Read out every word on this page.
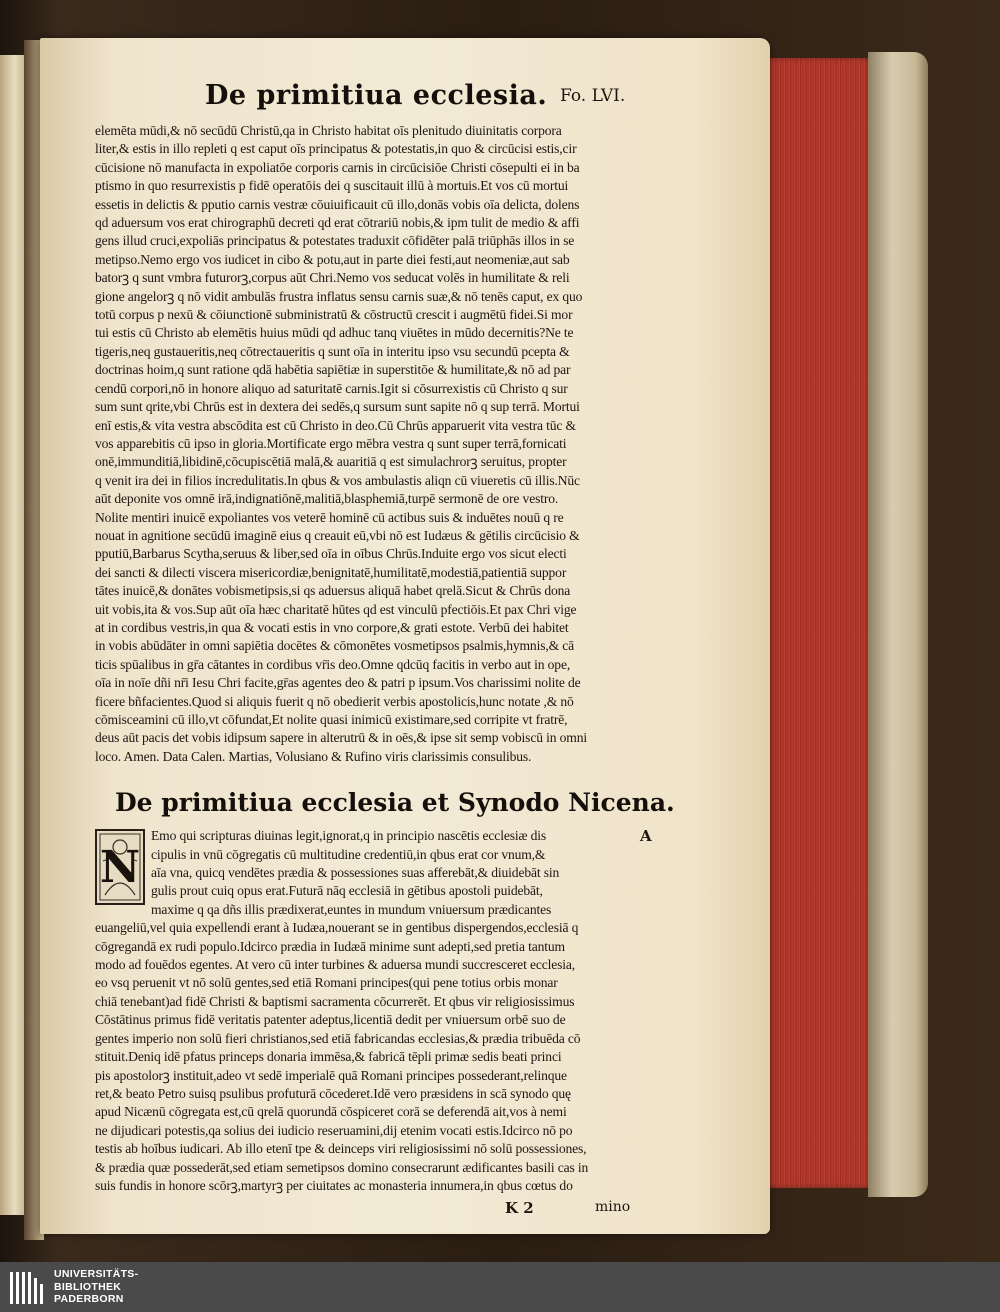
De primitiua ecclesia. Fo. LVI.

elemēta mūdi,& nō secūdū Christū,qa in Christo habitat oīs plenitudo diuinitatis corpora
liter,& estis in illo repleti q est caput oīs principatus & potestatis,in quo & circūcisi estis,cir
cūcisione nō manufacta in expoliatōe corporis carnis in circūcisiōe Christi cōsepulti ei in ba
ptismo in quo resurrexistis p fidē operatōis dei q suscitauit illū à mortuis.Et vos cū mortui
essetis in delictis & pputio carnis vestræ cōuiuificauit cū illo,donās vobis oīa delicta, dolens
qd aduersum vos erat chirographū decreti qd erat cōtrariū nobis,& ipm tulit de medio & affi
gens illud cruci,expoliās principatus & potestates traduxit cōfidēter palā triūphās illos in se
metipso.Nemo ergo vos iudicet in cibo & potu,aut in parte diei festi,aut neomeniæ,aut sab
batorꝫ q sunt vmbra futurorꝫ,corpus aūt Chri.Nemo vos seducat volēs in humilitate & reli
gione angelorꝫ q nō vidit ambulās frustra inflatus sensu carnis suæ,& nō tenēs caput, ex quo
totū corpus p nexū & cōiunctionē subministratū & cōstructū crescit i augmētū fidei.Si mor
tui estis cū Christo ab elemētis huius mūdi qd adhuc tanq viuētes in mūdo decernitis?Ne te
tigeris,neq gustaueritis,neq cōtrectaueritis q sunt oīa in interitu ipso vsu secundū pcepta &
doctrinas hoim,q sunt ratione qdā habētia sapiētiæ in superstitōe & humilitate,& nō ad par
cendū corpori,nō in honore aliquo ad saturitatē carnis.Igit si cōsurrexistis cū Christo q sur
sum sunt qrite,vbi Chrūs est in dextera dei sedēs,q sursum sunt sapite nō q sup terrā. Mortui
enī estis,& vita vestra abscōdita est cū Christo in deo.Cū Chrūs apparuerit vita vestra tūc &
vos apparebitis cū ipso in gloria.Mortificate ergo mēbra vestra q sunt super terrā,fornicati
onē,immunditiā,libidinē,cōcupiscētiā malā,& auaritiā q est simulachrorꝫ seruitus, propter
q venit ira dei in filios incredulitatis.In qbus & vos ambulastis aliqn cū viueretis cū illis.Nūc
aūt deponite vos omnē irā,indignatiōnē,malitiā,blasphemiā,turpē sermonē de ore vestro.
Nolite mentiri inuicē expoliantes vos veterē hominē cū actibus suis & induētes nouū q re
nouat in agnitione secūdū imaginē eius q creauit eū,vbi nō est Iudæus & gētilis circūcisio &
pputiū,Barbarus Scytha,seruus & liber,sed oīa in oībus Chrūs.Induite ergo vos sicut electi
dei sancti & dilecti viscera misericordiæ,benignitatē,humilitatē,modestiā,patientiā suppor
tātes inuicē,& donātes vobismetipsis,si qs aduersus aliquā habet qrelā.Sicut & Chrūs dona
uit vobis,ita & vos.Sup aūt oīa hæc charitatē hūtes qd est vinculū pfectiōis.Et pax Chri vige
at in cordibus vestris,in qua & vocati estis in vno corpore,& grati estote. Verbū dei habitet
in vobis abūdāter in omni sapiētia docētes & cōmonētes vosmetipsos psalmis,hymnis,& cā
ticis spūalibus in gr̄a cātantes in cordibus vr̄is deo.Omne qdcūq facitis in verbo aut in ope,
οīa in noīe dñi nr̄i Iesu Chri facite,gr̄as agentes deo & patri p ipsum.Vos charissimi nolite de
ficere bñfacientes.Quod si aliquis fuerit q nō obedierit verbis apostolicis,hunc notate ,& nō
cōmisceamini cū illo,vt cōfundat,Et nolite quasi inimicū existimare,sed corripite vt fratrē,
deus aūt pacis det vobis idipsum sapere in alterutrū & in oēs,& ipse sit semp vobiscū in omni
loco. Amen. Data Calen. Martias, Volusiano & Rufino viris clarissimis consulibus.

De primitiua ecclesia et Synodo Nicena.
N
A

Emo qui scripturas diuinas legit,ignorat,q in principio nascētis ecclesiæ dis
cipulis in vnū cōgregatis cū multitudine credentiū,in qbus erat cor vnum,&
aīa vna, quicq vendētes prædia & possessiones suas afferebāt,& diuidebāt sin
gulis prout cuiq opus erat.Futurā nāq ecclesiā in gētibus apostoli puidebāt,
maxime q qa dñs illis prædixerat,euntes in mundum vniuersum prædicantes
euangeliū,vel quia expellendi erant à Iudæa,nouerant se in gentibus dispergendos,ecclesiā q
cōgregandā ex rudi populo.Idcirco prædia in Iudæā minime sunt adepti,sed pretia tantum
modo ad fouēdos egentes. At vero cū inter turbines & aduersa mundi succresceret ecclesia,
eo vsq peruenit vt nō solū gentes,sed etiā Romani principes(qui pene totius orbis monar
chiā tenebant)ad fidē Christi & baptismi sacramenta cōcurrerēt. Et qbus vir religiosissimus
Cōstātinus primus fidē veritatis patenter adeptus,licentiā dedit per vniuersum orbē suo de
gentes imperio non solū fieri christianos,sed etiā fabricandas ecclesias,& prædia tribuēda cō
stituit.Deniq idē pfatus princeps donaria immēsa,& fabricā tēpli primæ sedis beati princi
pis apostolorꝫ instituit,adeo vt sedē imperialē quā Romani principes possederant,relinque
ret,& beato Petro suisq psulibus profuturā cōcederet.Idē vero præsidens in scā synodo quę
apud Nicænū cōgregata est,cū qrelā quorundā cōspiceret corā se deferendā ait,vos à nemi
ne dijudicari potestis,qa solius dei iudicio reseruamini,dij etenim vocati estis.Idcirco nō po
testis ab hoībus iudicari. Ab illo etenī tpe & deinceps viri religiosissimi nō solū possessiones,
& prædia quæ possederāt,sed etiam semetipsos domino consecrarunt ædificantes basili cas in
suis fundis in honore scōrꝫ,martyrꝫ per ciuitates ac monasteria innumera,in qbus cœtus do

K 2	mino
UNIVERSITÄTS-
BIBLIOTHEK
PADERBORN
